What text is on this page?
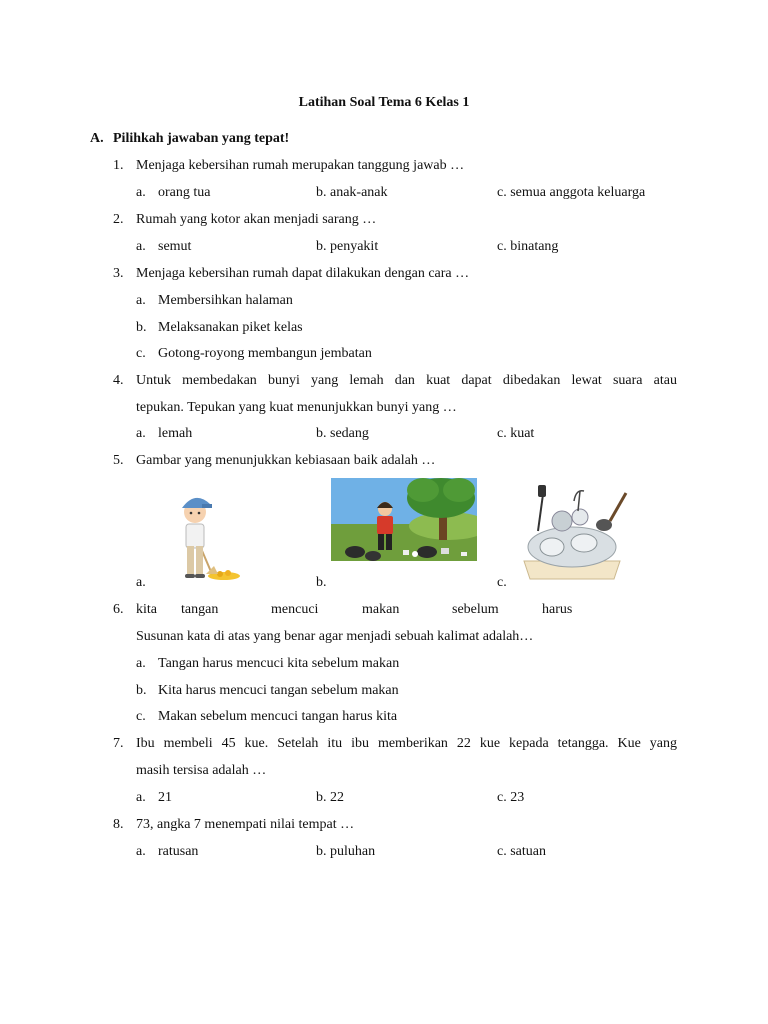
Latihan Soal Tema 6 Kelas 1
A. Pilihkah jawaban yang tepat!
1. Menjaga kebersihan rumah merupakan tanggung jawab …
a. orang tua	b. anak-anak	c. semua anggota keluarga
2. Rumah yang kotor akan menjadi sarang …
a. semut	b. penyakit	c. binatang
3. Menjaga kebersihan rumah dapat dilakukan dengan cara …
a. Membersihkan halaman
b. Melaksanakan piket kelas
c. Gotong-royong membangun jembatan
4. Untuk membedakan bunyi yang lemah dan kuat dapat dibedakan lewat suara atau
tepukan. Tepukan yang kuat menunjukkan bunyi yang …
a. lemah	b. sedang	c. kuat
5. Gambar yang menunjukkan kebiasaan baik adalah …
a.	b.	c.
6. kita tangan	mencuci	makan	sebelum	harus
Susunan kata di atas yang benar agar menjadi sebuah kalimat adalah…
a. Tangan harus mencuci kita sebelum makan
b. Kita harus mencuci tangan sebelum makan
c. Makan sebelum mencuci tangan harus kita
7. Ibu membeli 45 kue. Setelah itu ibu memberikan 22 kue kepada tetangga. Kue yang
masih tersisa adalah …
a. 21	b. 22	c. 23
8. 73, angka 7 menempati nilai tempat …
a. ratusan	b. puluhan	c. satuan
